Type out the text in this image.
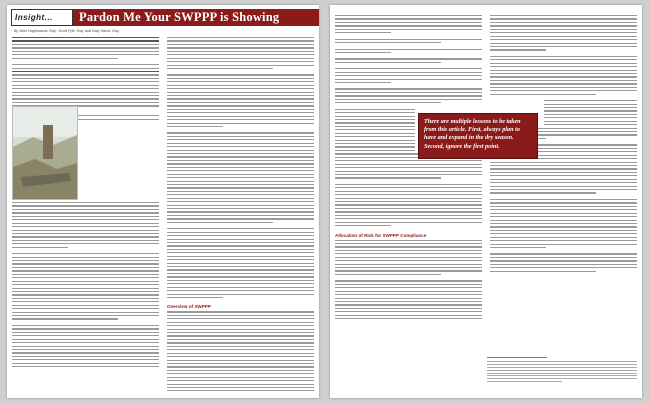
Insight...	Pardon Me Your SWPPP is Showing
By John Hughmanns, Esq.; Scott Fyfe, Esq. and Gary Harris, Esq.
Overview of SWPPP
Allocation of Risk for SWPPP Compliance
There are multiple lessons to be taken from this article. First, always plan to have and expand in the dry season. Second, ignore the first point.
